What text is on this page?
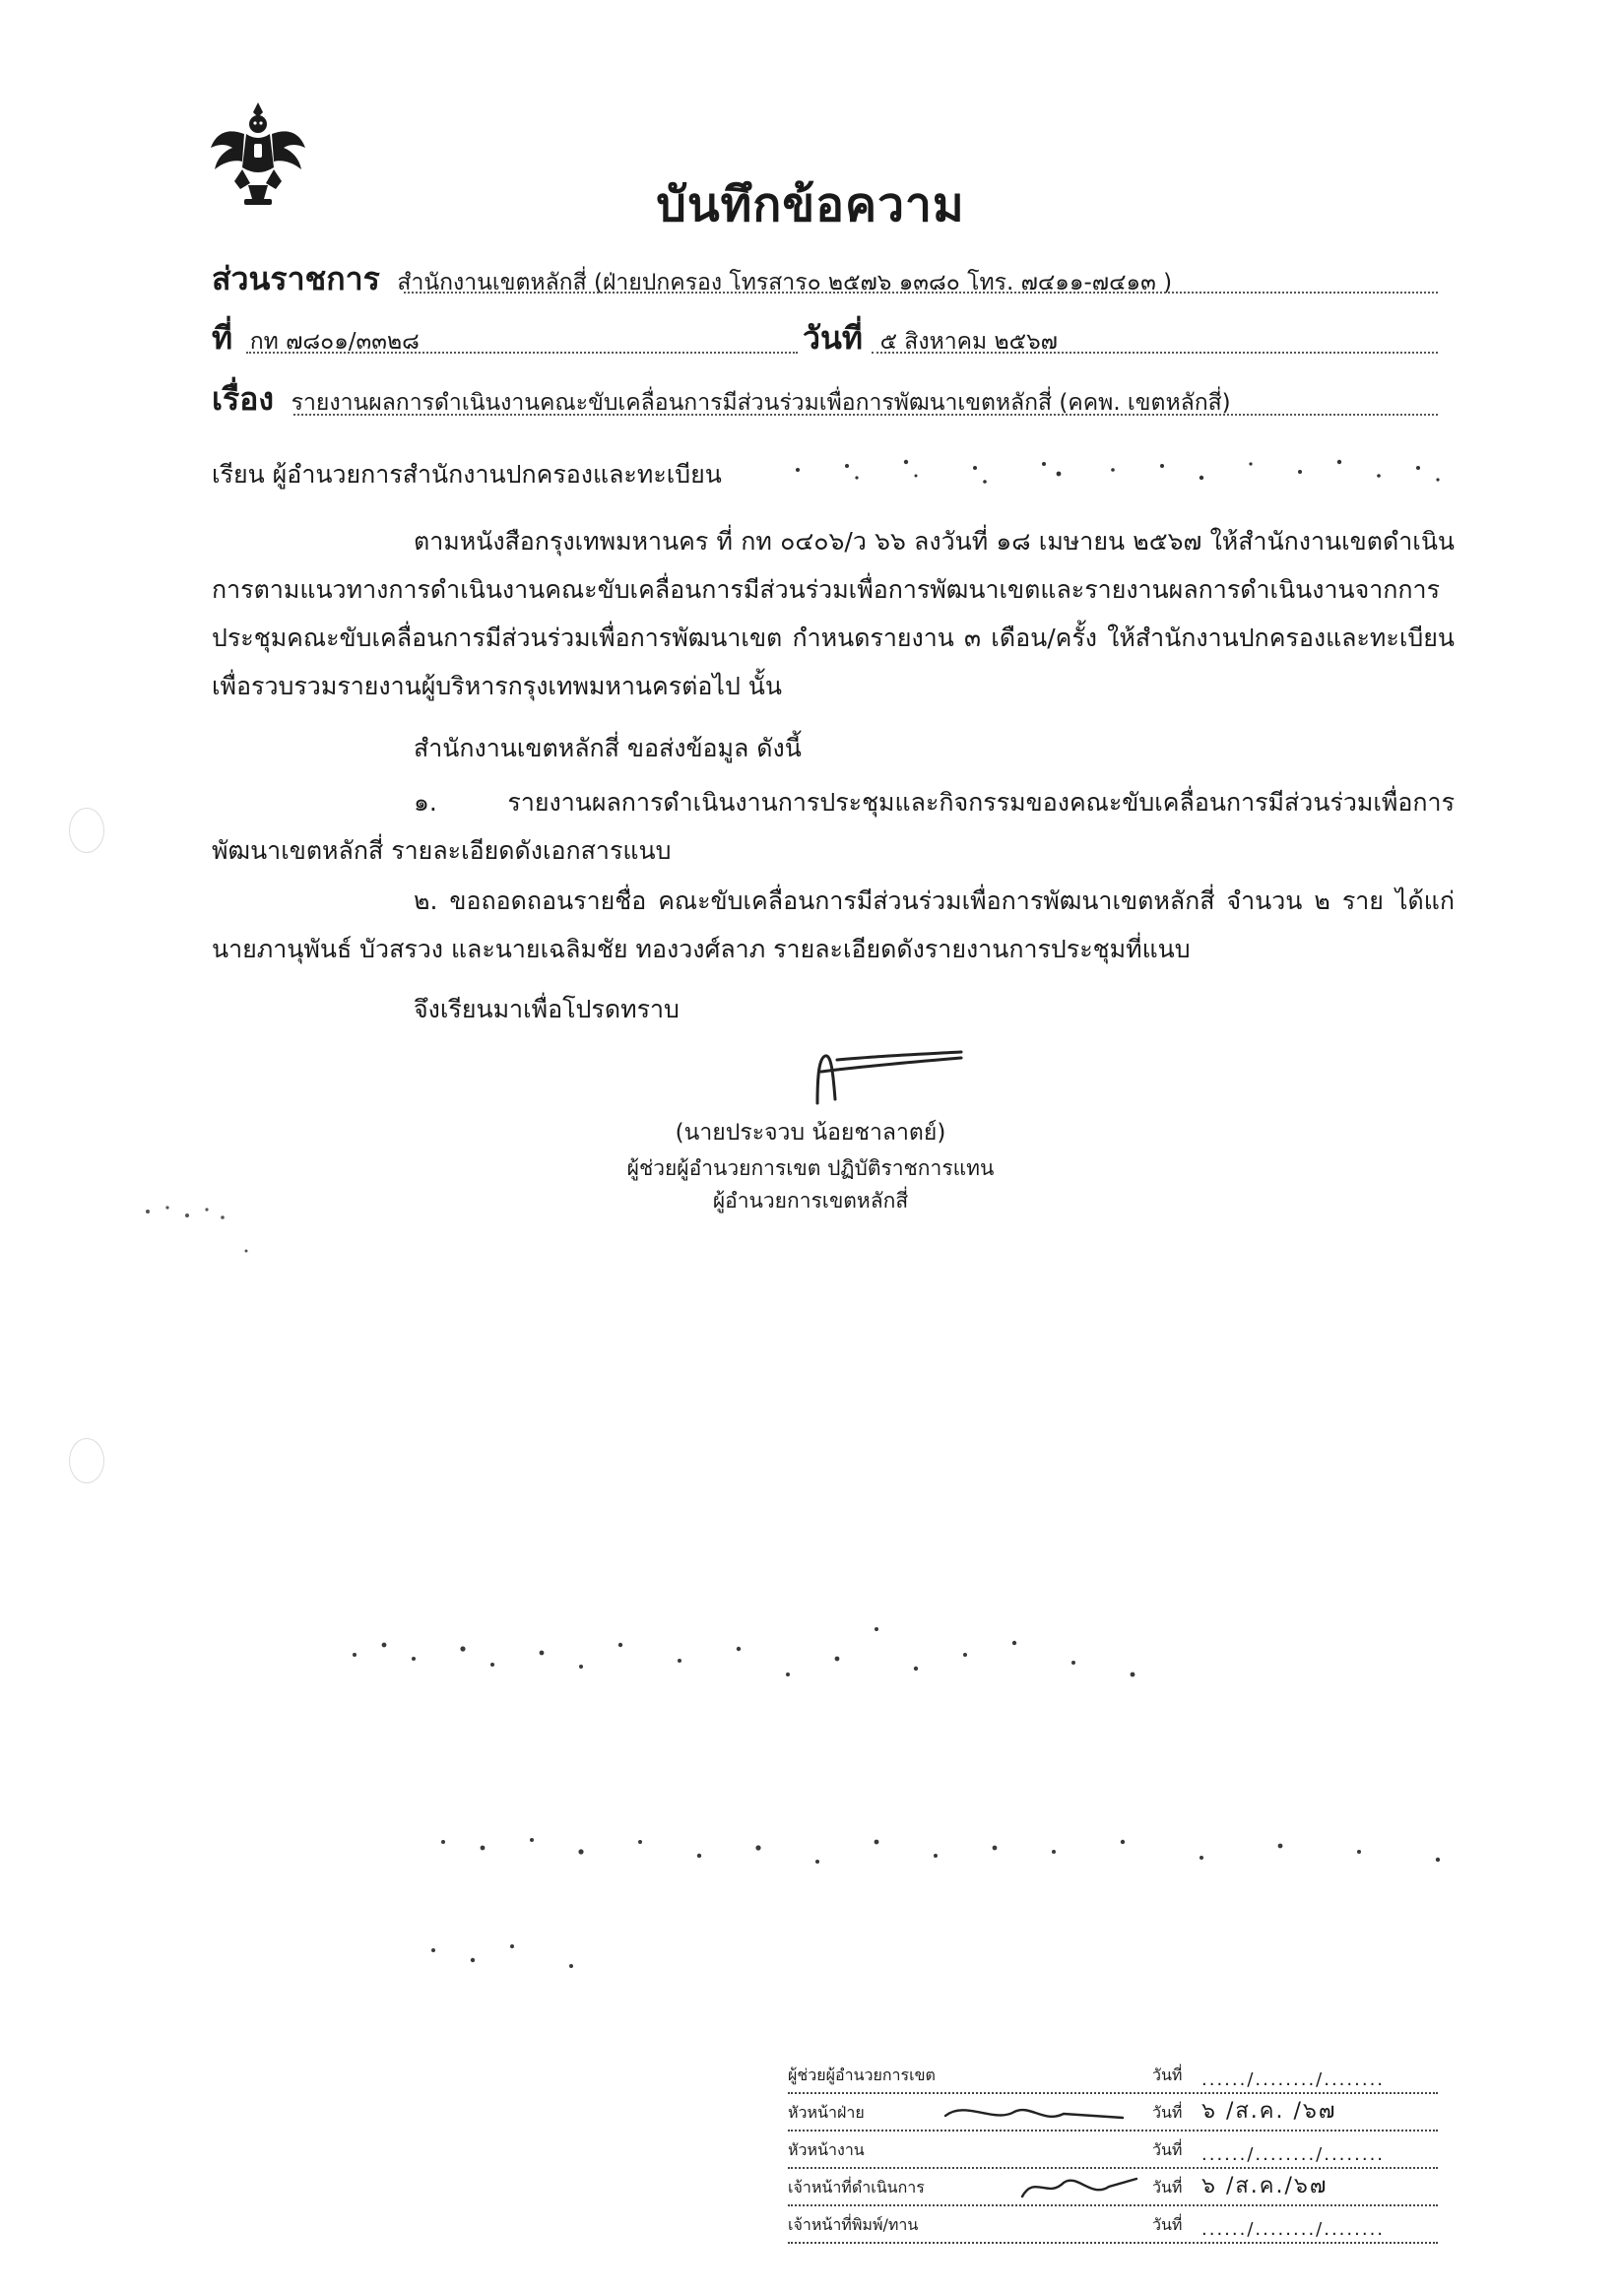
บันทึกข้อความ
ส่วนราชการ สำนักงานเขตหลักสี่ (ฝ่ายปกครอง โทรสาร๐ ๒๕๗๖ ๑๓๘๐ โทร. ๗๔๑๑-๗๔๑๓ )
ที่ กท ๗๘๐๑/๓๓๒๘	วันที่ ๕ สิงหาคม ๒๕๖๗
เรื่อง รายงานผลการดำเนินงานคณะขับเคลื่อนการมีส่วนร่วมเพื่อการพัฒนาเขตหลักสี่ (คคพ. เขตหลักสี่)
เรียน ผู้อำนวยการสำนักงานปกครองและทะเบียน
ตามหนังสือกรุงเทพมหานคร ที่ กท ๐๔๐๖/ว ๖๖ ลงวันที่ ๑๘ เมษายน ๒๕๖๗ ให้สำนักงานเขตดำเนินการตามแนวทางการดำเนินงานคณะขับเคลื่อนการมีส่วนร่วมเพื่อการพัฒนาเขตและรายงานผลการดำเนินงานจากการประชุมคณะขับเคลื่อนการมีส่วนร่วมเพื่อการพัฒนาเขต กำหนดรายงาน ๓ เดือน/ครั้ง ให้สำนักงานปกครองและทะเบียน เพื่อรวบรวมรายงานผู้บริหารกรุงเทพมหานครต่อไป นั้น
สำนักงานเขตหลักสี่ ขอส่งข้อมูล ดังนี้
๑. รายงานผลการดำเนินงานการประชุมและกิจกรรมของคณะขับเคลื่อนการมีส่วนร่วมเพื่อการพัฒนาเขตหลักสี่ รายละเอียดดังเอกสารแนบ
๒. ขอถอดถอนรายชื่อ คณะขับเคลื่อนการมีส่วนร่วมเพื่อการพัฒนาเขตหลักสี่ จำนวน ๒ ราย ได้แก่ นายภานุพันธ์ บัวสรวง และนายเฉลิมชัย ทองวงศ์ลาภ รายละเอียดดังรายงานการประชุมที่แนบ
จึงเรียนมาเพื่อโปรดทราบ
(นายประจวบ น้อยชาลาตย์)
ผู้ช่วยผู้อำนวยการเขต ปฏิบัติราชการแทน
ผู้อำนวยการเขตหลักสี่
ผู้ช่วยผู้อำนวยการเขต	วันที่ ....../......../........
หัวหน้าฝ่าย	วันที่ ๖ /ส.ค. /๖๗
หัวหน้างาน	วันที่ ....../......../........
เจ้าหน้าที่ดำเนินการ	วันที่ ๖ /ส.ค./๖๗
เจ้าหน้าที่พิมพ์/ทาน	วันที่ ....../......../........
